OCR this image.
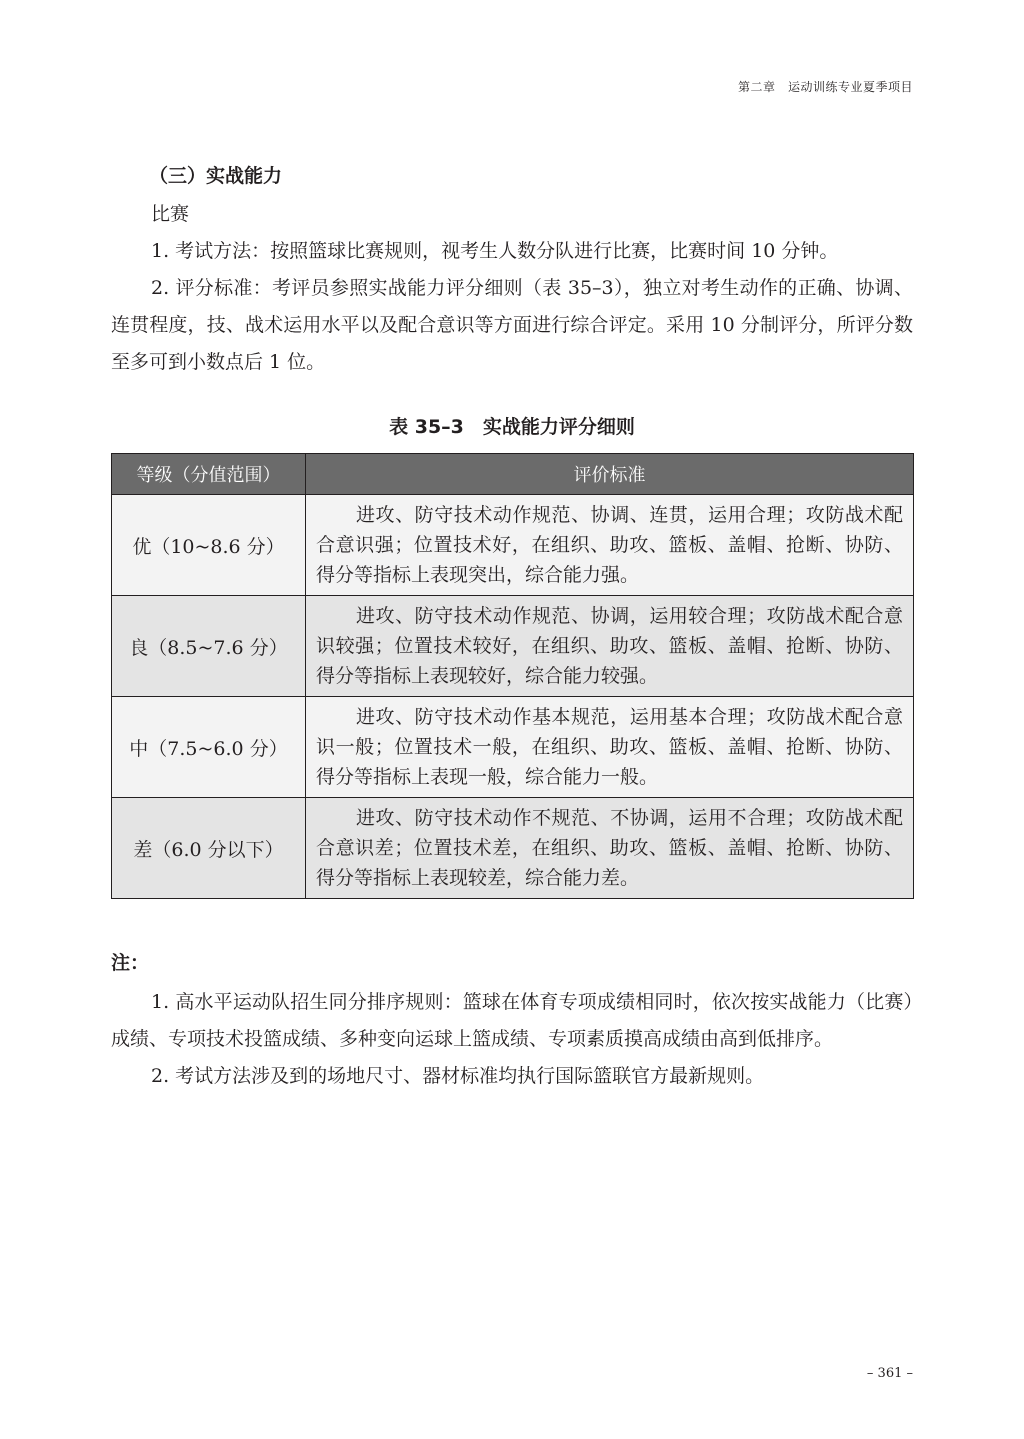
第二章　运动训练专业夏季项目
（三）实战能力

比赛

1. 考试方法：按照篮球比赛规则，视考生人数分队进行比赛，比赛时间 10 分钟。

2. 评分标准：考评员参照实战能力评分细则（表 35–3），独立对考生动作的正确、协调、连贯程度，技、战术运用水平以及配合意识等方面进行综合评定。采用 10 分制评分，所评分数至多可到小数点后 1 位。

表 35–3　实战能力评分细则
等级（分值范围）	评价标准
优（10~8.6 分）	进攻、防守技术动作规范、协调、连贯，运用合理；攻防战术配合意识强；位置技术好，在组织、助攻、篮板、盖帽、抢断、协防、得分等指标上表现突出，综合能力强。
良（8.5~7.6 分）	进攻、防守技术动作规范、协调，运用较合理；攻防战术配合意识较强；位置技术较好，在组织、助攻、篮板、盖帽、抢断、协防、得分等指标上表现较好，综合能力较强。
中（7.5~6.0 分）	进攻、防守技术动作基本规范，运用基本合理；攻防战术配合意识一般；位置技术一般，在组织、助攻、篮板、盖帽、抢断、协防、得分等指标上表现一般，综合能力一般。
差（6.0 分以下）	进攻、防守技术动作不规范、不协调，运用不合理；攻防战术配合意识差；位置技术差，在组织、助攻、篮板、盖帽、抢断、协防、得分等指标上表现较差，综合能力差。
注：

1. 高水平运动队招生同分排序规则：篮球在体育专项成绩相同时，依次按实战能力（比赛）成绩、专项技术投篮成绩、多种变向运球上篮成绩、专项素质摸高成绩由高到低排序。

2. 考试方法涉及到的场地尺寸、器材标准均执行国际篮联官方最新规则。

– 361 –
